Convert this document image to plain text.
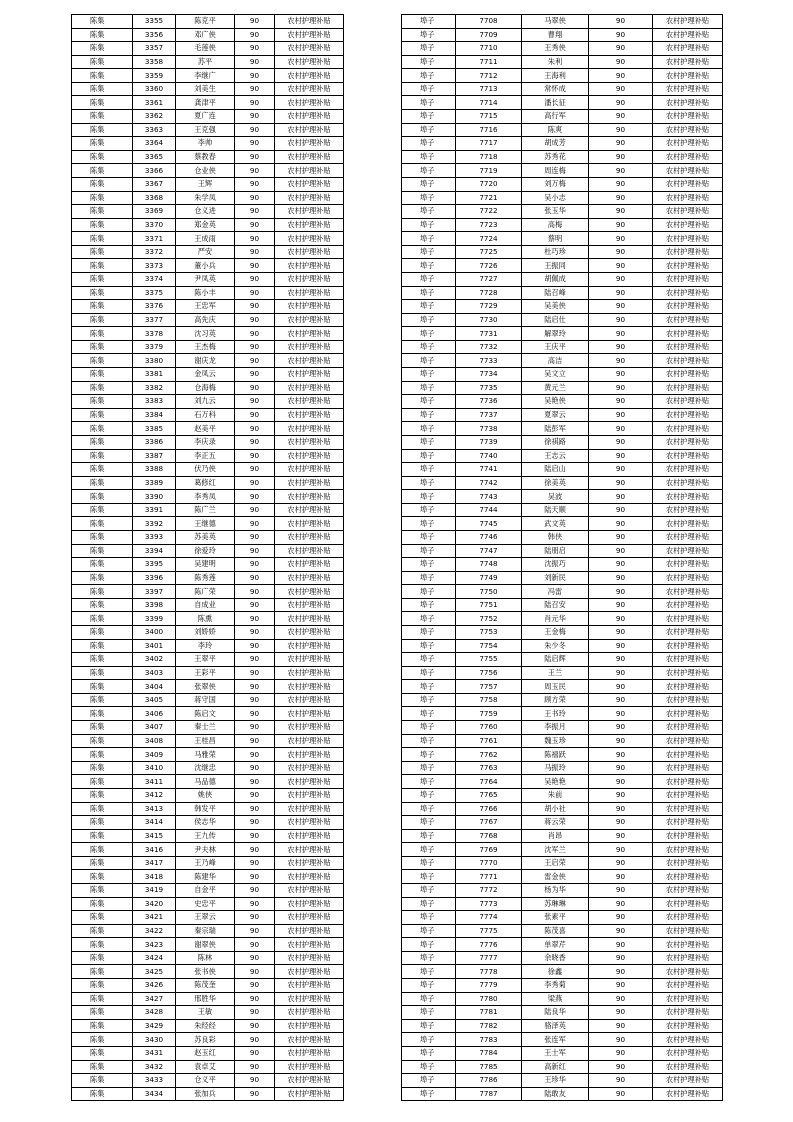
陈集	3355	陈克平	90	农村护理补贴
陈集	3356	邓广侠	90	农村护理补贴
陈集	3357	毛莲侠	90	农村护理补贴
陈集	3358	苏平	90	农村护理补贴
陈集	3359	李继广	90	农村护理补贴
陈集	3360	刘美生	90	农村护理补贴
陈集	3361	龚津平	90	农村护理补贴
陈集	3362	夏广连	90	农村护理补贴
陈集	3363	王克强	90	农村护理补贴
陈集	3364	李帅	90	农村护理补贴
陈集	3365	蔡教春	90	农村护理补贴
陈集	3366	仓业侠	90	农村护理补贴
陈集	3367	王辉	90	农村护理补贴
陈集	3368	朱学凤	90	农村护理补贴
陈集	3369	仓义进	90	农村护理补贴
陈集	3370	郑金英	90	农村护理补贴
陈集	3371	王成雨	90	农村护理补贴
陈集	3372	严安	90	农村护理补贴
陈集	3373	董小兵	90	农村护理补贴
陈集	3374	尹凤英	90	农村护理补贴
陈集	3375	陈小丰	90	农村护理补贴
陈集	3376	王忠军	90	农村护理补贴
陈集	3377	高先庆	90	农村护理补贴
陈集	3378	沈习英	90	农村护理补贴
陈集	3379	王杰梅	90	农村护理补贴
陈集	3380	谢庆龙	90	农村护理补贴
陈集	3381	金凤云	90	农村护理补贴
陈集	3382	仓海梅	90	农村护理补贴
陈集	3383	刘九云	90	农村护理补贴
陈集	3384	石万科	90	农村护理补贴
陈集	3385	赵美平	90	农村护理补贴
陈集	3386	李庆录	90	农村护理补贴
陈集	3387	李正五	90	农村护理补贴
陈集	3388	伏乃侠	90	农村护理补贴
陈集	3389	葛修红	90	农村护理补贴
陈集	3390	李秀凤	90	农村护理补贴
陈集	3391	陈广兰	90	农村护理补贴
陈集	3392	王继德	90	农村护理补贴
陈集	3393	苏美英	90	农村护理补贴
陈集	3394	徐爱玲	90	农村护理补贴
陈集	3395	吴建明	90	农村护理补贴
陈集	3396	陈秀莲	90	农村护理补贴
陈集	3397	陈广荣	90	农村护理补贴
陈集	3398	自成业	90	农村护理补贴
陈集	3399	陈熏	90	农村护理补贴
陈集	3400	刘娇娇	90	农村护理补贴
陈集	3401	李玲	90	农村护理补贴
陈集	3402	王翠平	90	农村护理补贴
陈集	3403	王彩平	90	农村护理补贴
陈集	3404	张翠侠	90	农村护理补贴
陈集	3405	蒋守国	90	农村护理补贴
陈集	3406	陈启文	90	农村护理补贴
陈集	3407	秦士兰	90	农村护理补贴
陈集	3408	王桂昌	90	农村护理补贴
陈集	3409	马雅荣	90	农村护理补贴
陈集	3410	沈继忠	90	农村护理补贴
陈集	3411	马品德	90	农村护理补贴
陈集	3412	姚侠	90	农村护理补贴
陈集	3413	韩发平	90	农村护理补贴
陈集	3414	侯志华	90	农村护理补贴
陈集	3415	王九传	90	农村护理补贴
陈集	3416	尹夫林	90	农村护理补贴
陈集	3417	王乃峰	90	农村护理补贴
陈集	3418	陈建华	90	农村护理补贴
陈集	3419	自金平	90	农村护理补贴
陈集	3420	史忠平	90	农村护理补贴
陈集	3421	王翠云	90	农村护理补贴
陈集	3422	秦宗瑞	90	农村护理补贴
陈集	3423	谢翠侠	90	农村护理补贴
陈集	3424	陈林	90	农村护理补贴
陈集	3425	张书侠	90	农村护理补贴
陈集	3426	陈茂奎	90	农村护理补贴
陈集	3427	邢胜华	90	农村护理补贴
陈集	3428	王敏	90	农村护理补贴
陈集	3429	朱经经	90	农村护理补贴
陈集	3430	苏良彩	90	农村护理补贴
陈集	3431	赵玉红	90	农村护理补贴
陈集	3432	袁卓艾	90	农村护理补贴
陈集	3433	仓义平	90	农村护理补贴
陈集	3434	张加兵	90	农村护理补贴
埠子	7708	马翠侠	90	农村护理补贴
埠子	7709	曹翔	90	农村护理补贴
埠子	7710	王秀侠	90	农村护理补贴
埠子	7711	朱利	90	农村护理补贴
埠子	7712	王海利	90	农村护理补贴
埠子	7713	常怀成	90	农村护理补贴
埠子	7714	潘长征	90	农村护理补贴
埠子	7715	高行军	90	农村护理补贴
埠子	7716	陈爽	90	农村护理补贴
埠子	7717	胡成芳	90	农村护理补贴
埠子	7718	苏秀花	90	农村护理补贴
埠子	7719	周连梅	90	农村护理补贴
埠子	7720	刘万梅	90	农村护理补贴
埠子	7721	吴小志	90	农村护理补贴
埠子	7722	张玉华	90	农村护理补贴
埠子	7723	高梅	90	农村护理补贴
埠子	7724	蔡明	90	农村护理补贴
埠子	7725	杜巧珍	90	农村护理补贴
埠子	7726	王振同	90	农村护理补贴
埠子	7727	胡佩成	90	农村护理补贴
埠子	7728	陆召峰	90	农村护理补贴
埠子	7729	吴美侠	90	农村护理补贴
埠子	7730	陆启仕	90	农村护理补贴
埠子	7731	解翠玲	90	农村护理补贴
埠子	7732	王庆平	90	农村护理补贴
埠子	7733	高洁	90	农村护理补贴
埠子	7734	吴文立	90	农村护理补贴
埠子	7735	黄元兰	90	农村护理补贴
埠子	7736	吴艳侠	90	农村护理补贴
埠子	7737	夏翠云	90	农村护理补贴
埠子	7738	陆彭军	90	农村护理补贴
埠子	7739	徐祺路	90	农村护理补贴
埠子	7740	王志云	90	农村护理补贴
埠子	7741	陆启山	90	农村护理补贴
埠子	7742	徐美英	90	农村护理补贴
埠子	7743	吴波	90	农村护理补贴
埠子	7744	陆天顺	90	农村护理补贴
埠子	7745	武文英	90	农村护理补贴
埠子	7746	韩侠	90	农村护理补贴
埠子	7747	陆朋启	90	农村护理补贴
埠子	7748	沈振巧	90	农村护理补贴
埠子	7749	刘新民	90	农村护理补贴
埠子	7750	冯雷	90	农村护理补贴
埠子	7751	陆召安	90	农村护理补贴
埠子	7752	肖元华	90	农村护理补贴
埠子	7753	王金梅	90	农村护理补贴
埠子	7754	朱少冬	90	农村护理补贴
埠子	7755	陆启辉	90	农村护理补贴
埠子	7756	王兰	90	农村护理补贴
埠子	7757	周玉民	90	农村护理补贴
埠子	7758	顾方荣	90	农村护理补贴
埠子	7759	王书玲	90	农村护理补贴
埠子	7760	李振月	90	农村护理补贴
埠子	7761	魏玉珍	90	农村护理补贴
埠子	7762	陈禧跃	90	农村护理补贴
埠子	7763	马振玲	90	农村护理补贴
埠子	7764	吴艳艳	90	农村护理补贴
埠子	7765	朱前	90	农村护理补贴
埠子	7766	胡小社	90	农村护理补贴
埠子	7767	蒋云荣	90	农村护理补贴
埠子	7768	肖昂	90	农村护理补贴
埠子	7769	沈军兰	90	农村护理补贴
埠子	7770	王启荣	90	农村护理补贴
埠子	7771	雷金侠	90	农村护理补贴
埠子	7772	杨为华	90	农村护理补贴
埠子	7773	苏琳琳	90	农村护理补贴
埠子	7774	张素平	90	农村护理补贴
埠子	7775	陈茂喜	90	农村护理补贴
埠子	7776	单翠芹	90	农村护理补贴
埠子	7777	余晓香	90	农村护理补贴
埠子	7778	徐鑫	90	农村护理补贴
埠子	7779	李秀菊	90	农村护理补贴
埠子	7780	梁燕	90	农村护理补贴
埠子	7781	陆良华	90	农村护理补贴
埠子	7782	骆泽英	90	农村护理补贴
埠子	7783	张连军	90	农村护理补贴
埠子	7784	王士军	90	农村护理补贴
埠子	7785	高新红	90	农村护理补贴
埠子	7786	王珍华	90	农村护理补贴
埠子	7787	陆敢友	90	农村护理补贴
